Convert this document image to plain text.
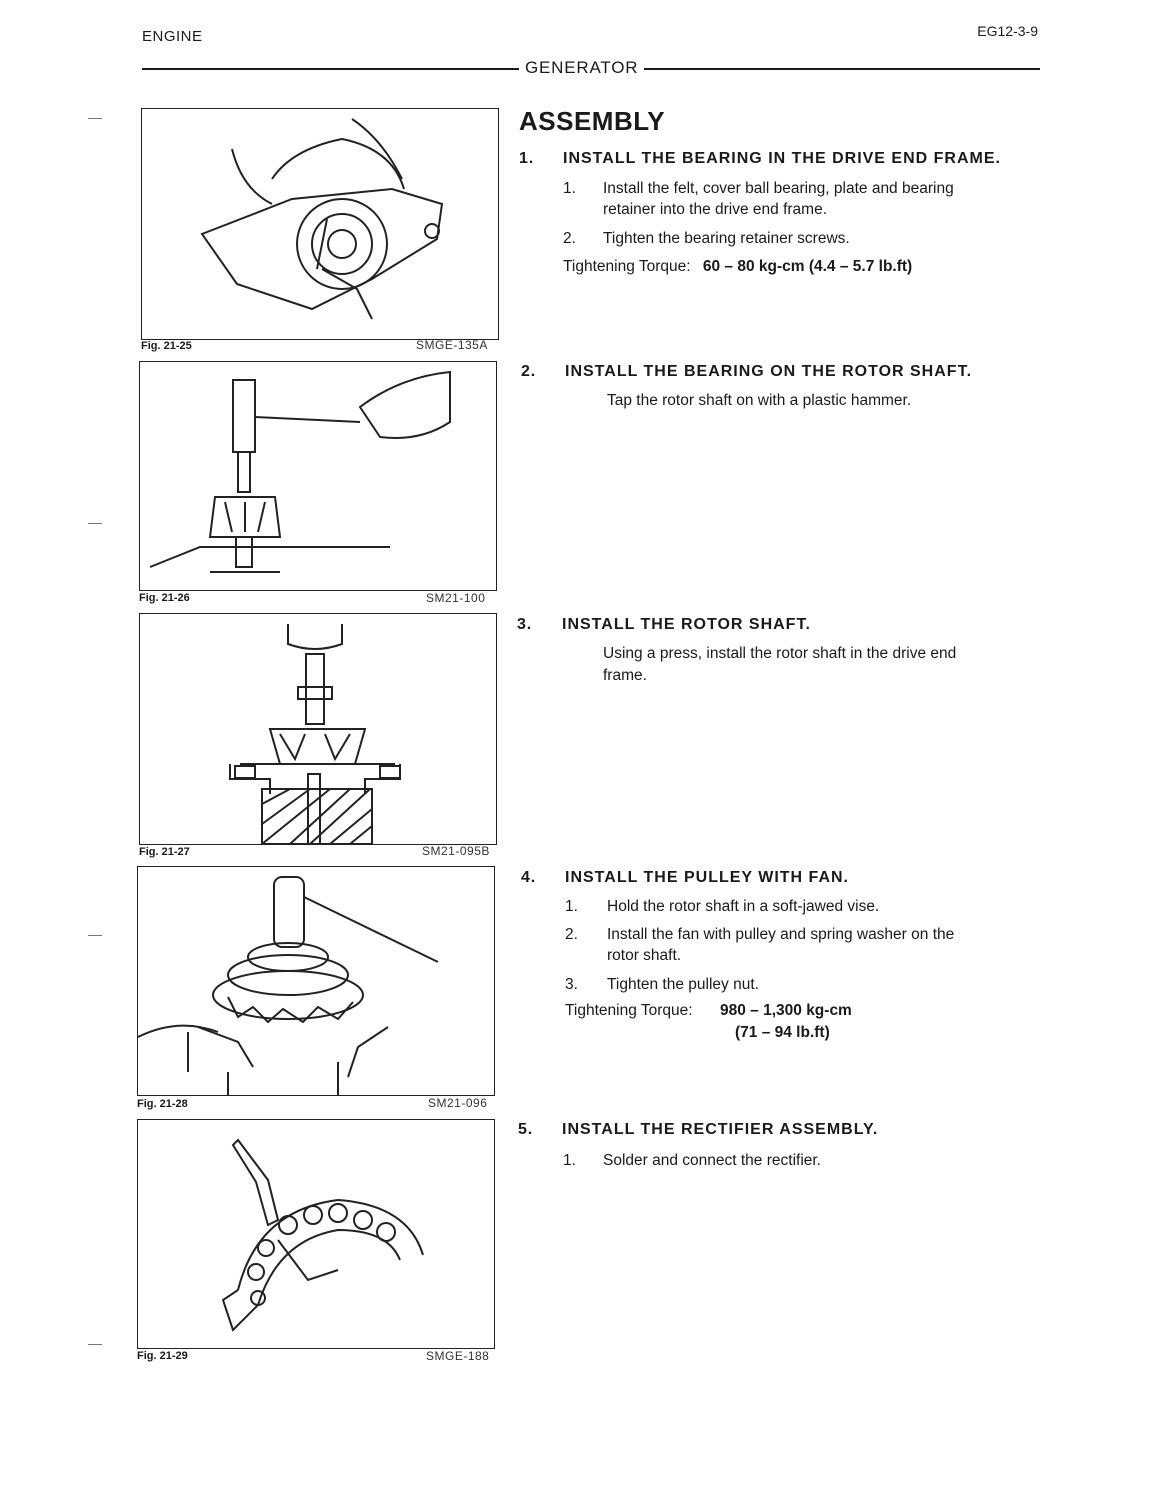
ENGINE	EG12-3-9
GENERATOR
Fig. 21-25	SMGE-135A
Fig. 21-26	SM21-100
Fig. 21-27	SM21-095B
Fig. 21-28	SM21-096
Fig. 21-29	SMGE-188
ASSEMBLY
1. INSTALL THE BEARING IN THE DRIVE END FRAME.
1. Install the felt, cover ball bearing, plate and bearing
retainer into the drive end frame.
2. Tighten the bearing retainer screws.
Tightening Torque: 60 – 80 kg-cm (4.4 – 5.7 lb.ft)
2. INSTALL THE BEARING ON THE ROTOR SHAFT.
Tap the rotor shaft on with a plastic hammer.
3. INSTALL THE ROTOR SHAFT.
Using a press, install the rotor shaft in the drive end
frame.
4. INSTALL THE PULLEY WITH FAN.
1. Hold the rotor shaft in a soft-jawed vise.
2. Install the fan with pulley and spring washer on the
rotor shaft.
3. Tighten the pulley nut.
Tightening Torque: 980 – 1,300 kg-cm
(71 – 94 lb.ft)
5. INSTALL THE RECTIFIER ASSEMBLY.
1. Solder and connect the rectifier.
